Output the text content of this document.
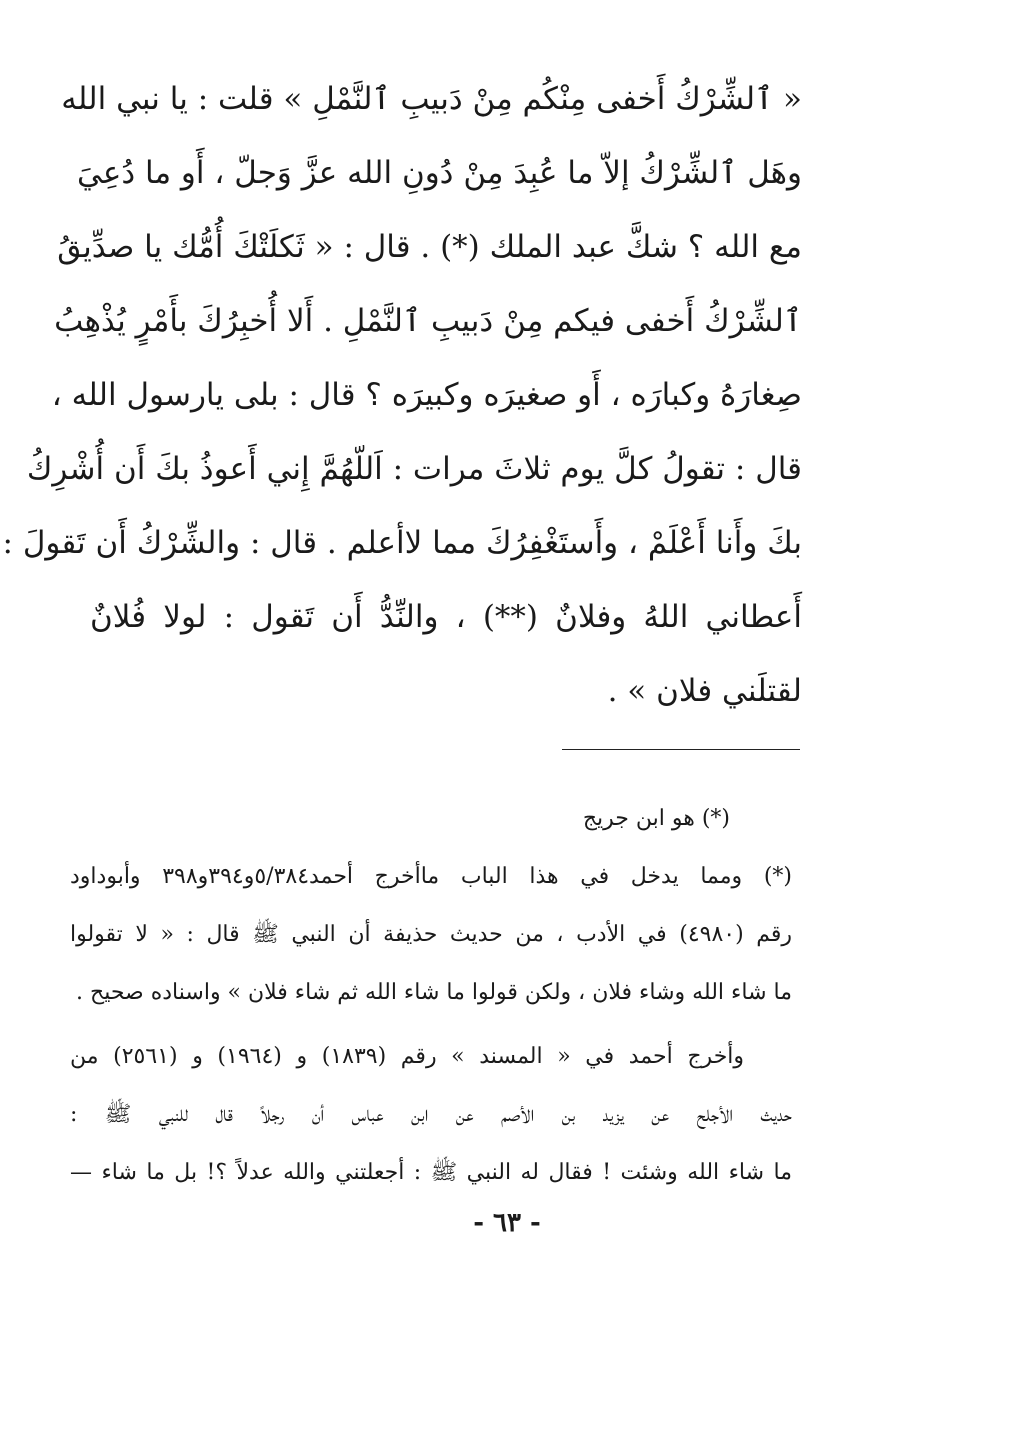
« ٱلشِّرْكُ أَخفى مِنْكُم مِنْ دَبيبِ ٱلنَّمْلِ » قلت : يا نبي الله
وهَل ٱلشِّرْكُ إلاّ ما عُبِدَ مِنْ دُونِ الله عزَّ وَجلّ ، أَو ما دُعِيَ
مع الله ؟ شكَّ عبد الملك (*) . قال : « ثَكلَتْكَ أُمُّك يا صدِّيقُ
ٱلشِّرْكُ أَخفى فيكم مِنْ دَبيبِ ٱلنَّمْلِ . أَلا أُخبِرُكَ بأَمْرٍ يُذْهِبُ
صِغارَهُ وكبارَه ، أَو صغيرَه وكبيرَه ؟ قال : بلى يارسول الله ،
قال : تقولُ كلَّ يوم ثلاثَ مرات : اَللّهُمَّ إِني أَعوذُ بكَ أَن أُشْرِكُ
بكَ وأَنا أَعْلَمْ ، وأَستَغْفِرُكَ مما لاأعلم . قال : والشِّرْكُ أَن تَقولَ :
أَعطاني اللهُ وفلانٌ (**) ، والنِّدُّ أَن تَقول : لولا فُلانٌ
لقتلَني فلان » .
(*) هو ابن جريج
(*) ومما يدخل في هذا الباب ماأخرج أحمد٥/٣٨٤و٣٩٤و٣٩٨ وأبوداود
رقم (٤٩٨٠) في الأدب ، من حديث حذيفة أن النبي ﷺ قال : « لا تقولوا
ما شاء الله وشاء فلان ، ولكن قولوا ما شاء الله ثم شاء فلان » واسناده صحيح .
وأخرج أحمد في « المسند » رقم (١٨٣٩) و (١٩٦٤) و (٢٥٦١) من
حديث الأجلح عن يزيد بن الأصم عن ابن عباس أن رجلاً قال للنبي ﷺ :
ما شاء الله وشئت ! فقال له النبي ﷺ : أجعلتني والله عدلاً ؟! بل ما شاء —
- ٦٣ -
